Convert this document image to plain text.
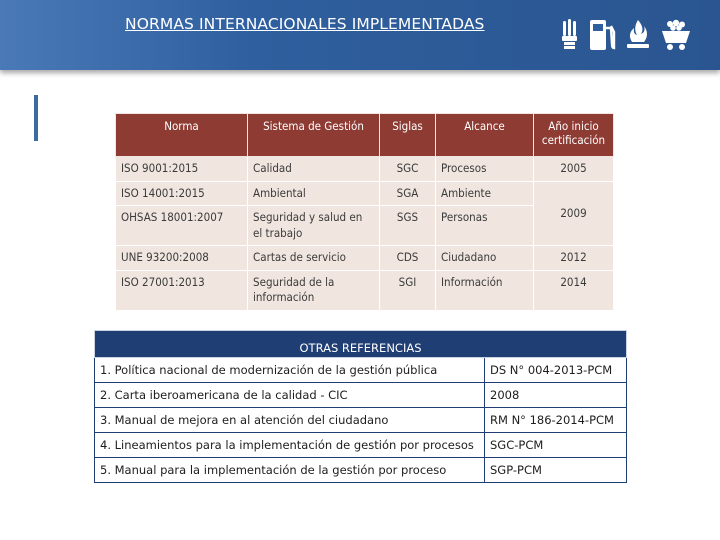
NORMAS INTERNACIONALES IMPLEMENTADAS
Norma	Sistema de Gestión	Siglas	Alcance	Año inicio certificación
ISO 9001:2015	Calidad	SGC	Procesos	2005
ISO 14001:2015	Ambiental	SGA	Ambiente	2009
OHSAS 18001:2007	Seguridad y salud en el trabajo	SGS	Personas	
UNE 93200:2008	Cartas de servicio	CDS	Ciudadano	2012
ISO 27001:2013	Seguridad de la información	SGI	Información	2014
OTRAS REFERENCIAS	
1. Política nacional de modernización de la gestión pública	DS N° 004-2013-PCM
2. Carta iberoamericana de la calidad - CIC	2008
3. Manual de mejora en al atención del ciudadano	RM N° 186-2014-PCM
4. Lineamientos para la implementación de gestión por procesos	SGC-PCM
5. Manual para la implementación de la gestión por proceso	SGP-PCM
